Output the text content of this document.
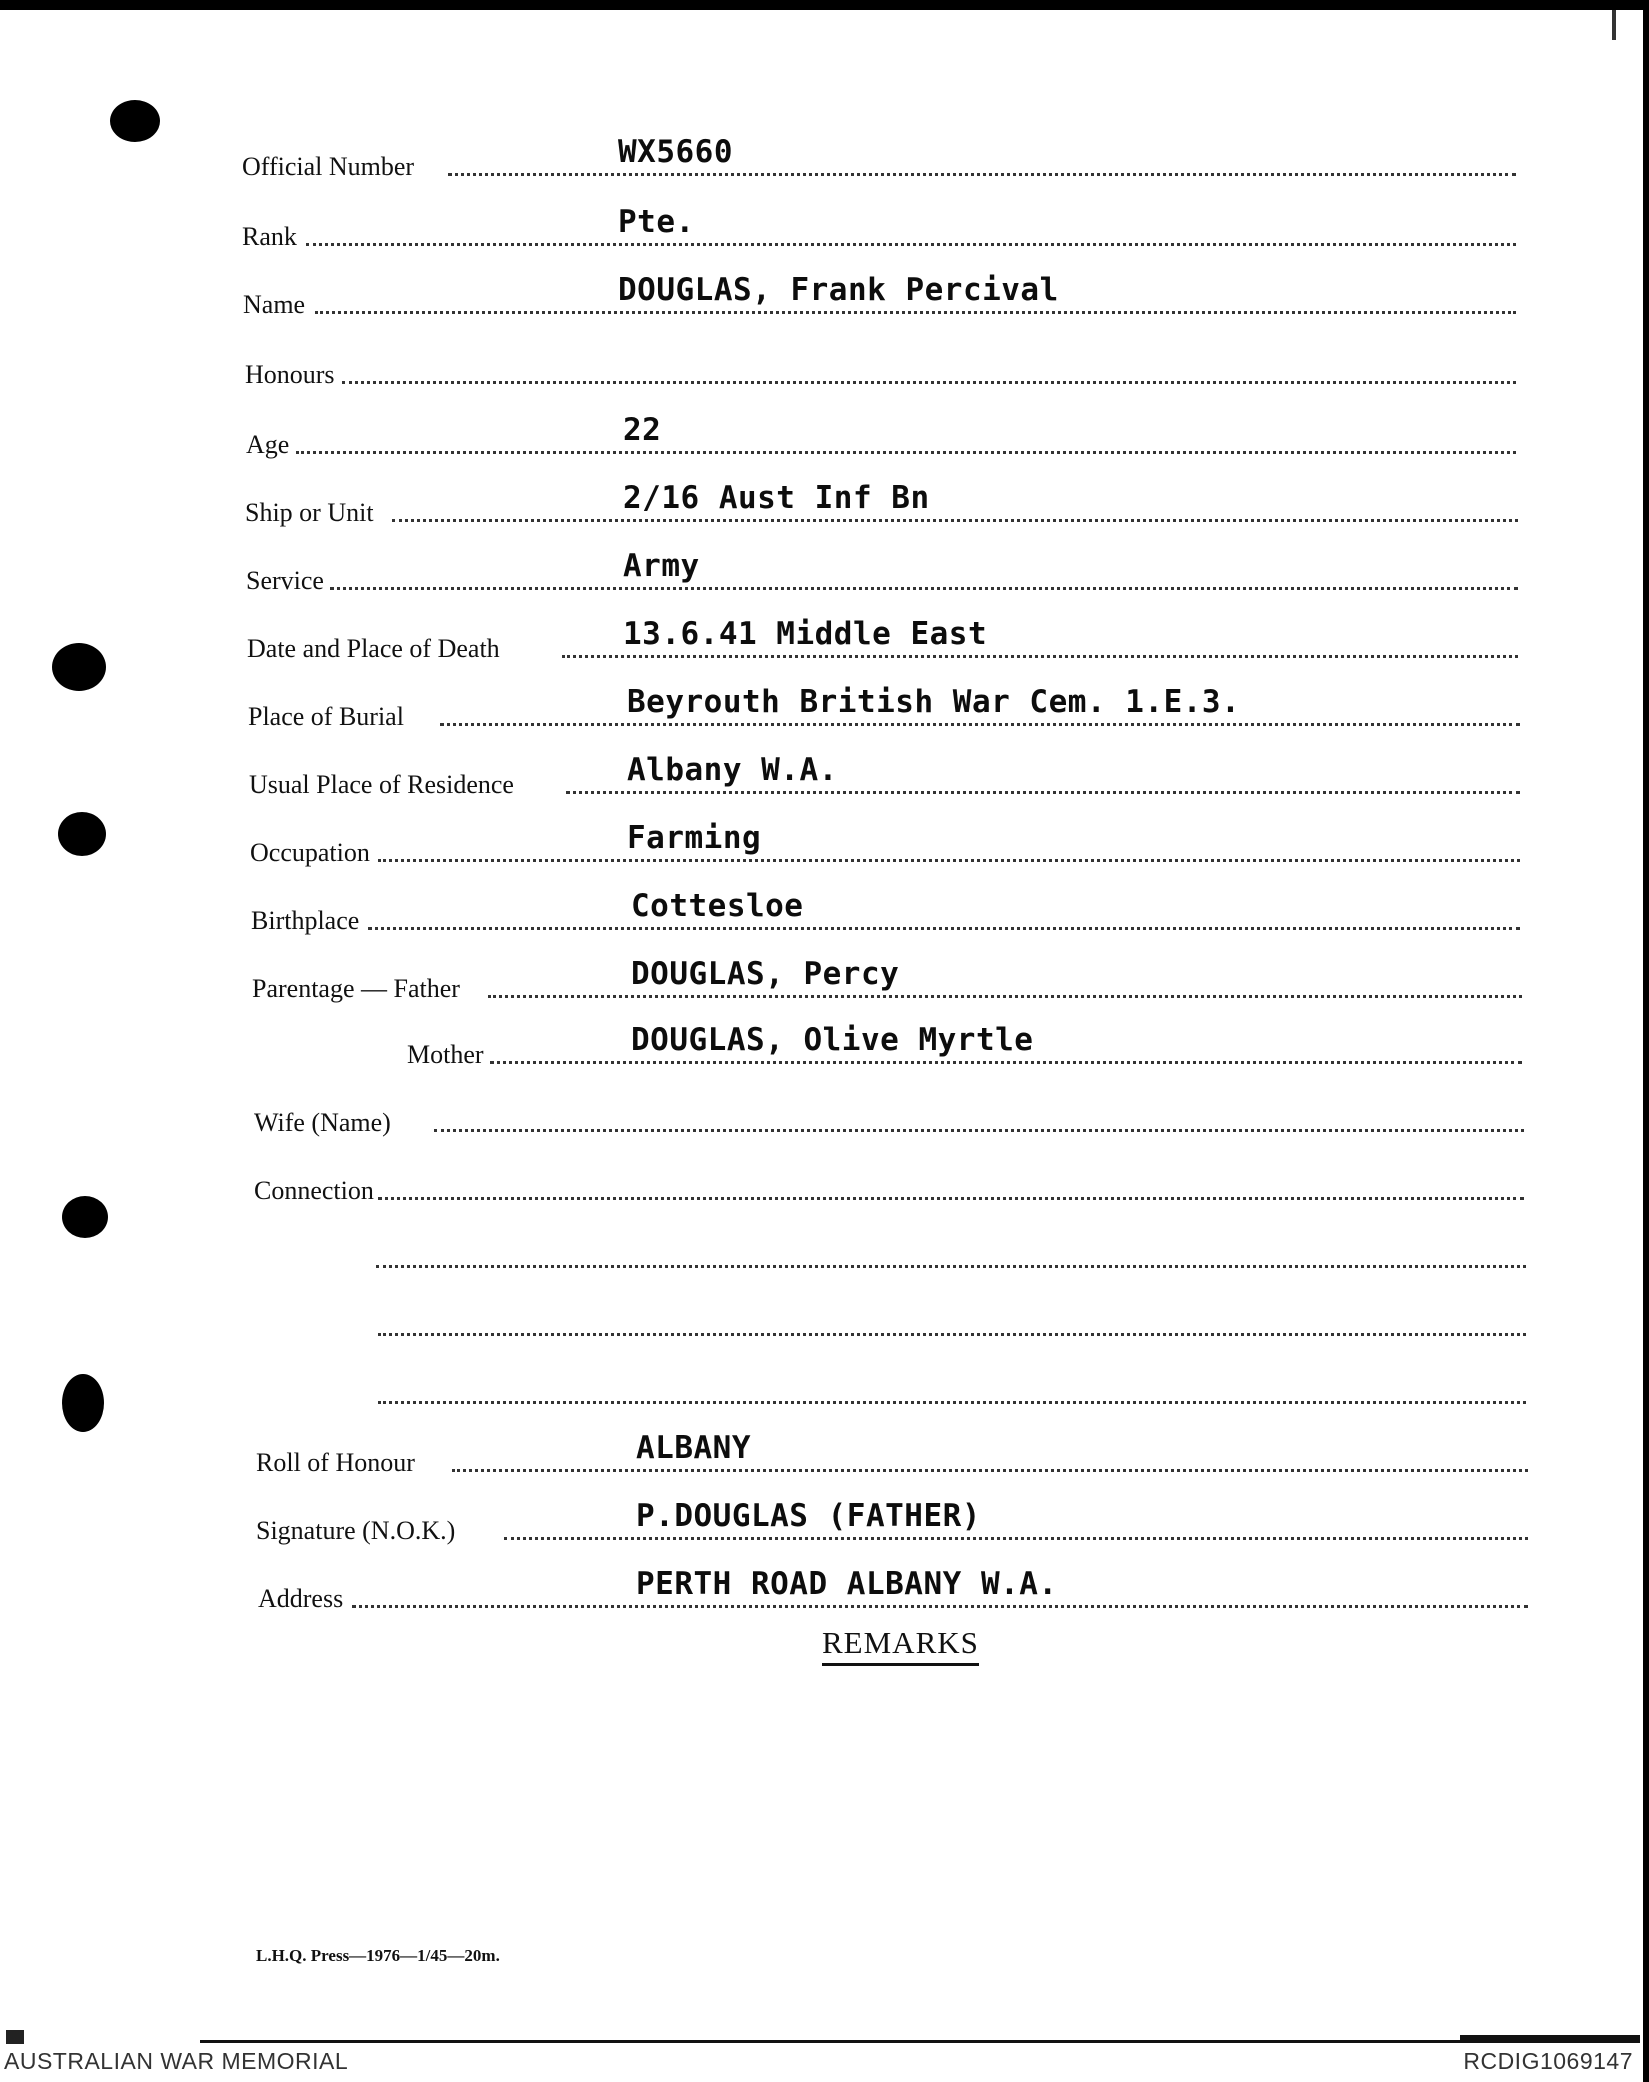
Official Number	WX5660
Rank	Pte.
Name	DOUGLAS, Frank Percival
Honours
Age	22
Ship or Unit	2/16 Aust Inf Bn
Service	Army
Date and Place of Death	13.6.41 Middle East
Place of Burial	Beyrouth British War Cem. 1.E.3.
Usual Place of Residence	Albany W.A.
Occupation	Farming
Birthplace	Cottesloe
Parentage — Father	DOUGLAS, Percy
Mother	DOUGLAS, Olive Myrtle
Wife (Name)
Connection
Roll of Honour	ALBANY
Signature (N.O.K.)	P.DOUGLAS (FATHER)
Address	PERTH ROAD ALBANY W.A.
REMARKS
L.H.Q. Press—1976—1/45—20m.
AUSTRALIAN WAR MEMORIAL	RCDIG1069147
